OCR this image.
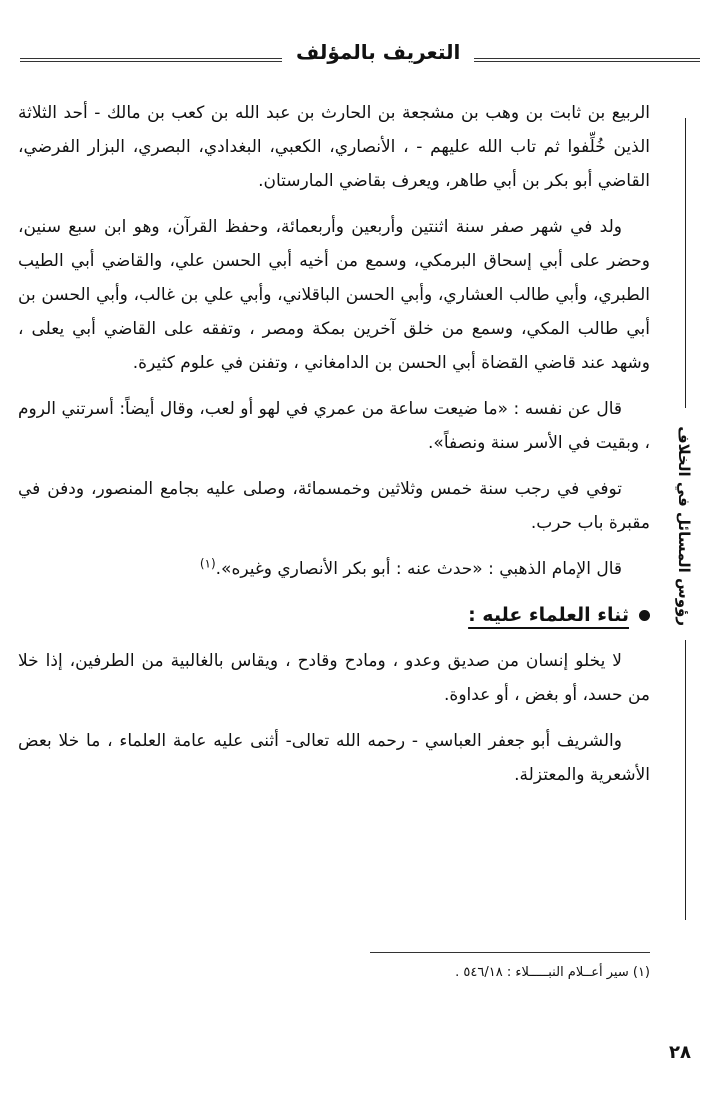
التعريف بالمؤلف
رؤوس المسائل في الخلاف

الربيع بن ثابت بن وهب بن مشجعة بن الحارث بن عبد الله بن كعب بن مالك - أحد الثلاثة الذين خُلِّفوا ثم تاب الله عليهم - ، الأنصاري، الكعبي، البغدادي، البصري، البزار الفرضي، القاضي أبو بكر بن أبي طاهر، ويعرف بقاضي المارستان.

ولد في شهر صفر سنة اثنتين وأربعين وأربعمائة، وحفظ القرآن، وهو ابن سبع سنين، وحضر على أبي إسحاق البرمكي، وسمع من أخيه أبي الحسن علي، والقاضي أبي الطيب الطبري، وأبي طالب العشاري، وأبي الحسن الباقلاني، وأبي علي بن غالب، وأبي الحسن بن أبي طالب المكي، وسمع من خلق آخرين بمكة ومصر ، وتفقه على القاضي أبي يعلى ، وشهد عند قاضي القضاة أبي الحسن بن الدامغاني ، وتفنن في علوم كثيرة.

قال عن نفسه : «ما ضيعت ساعة من عمري في لهو أو لعب، وقال أيضاً: أسرتني الروم ، وبقيت في الأسر سنة ونصفاً».

توفي في رجب سنة خمس وثلاثين وخمسمائة، وصلى عليه بجامع المنصور، ودفن في مقبرة باب حرب.

قال الإمام الذهبي : «حدث عنه : أبو بكر الأنصاري وغيره».$^{(١)}$

ثناء العلماء عليه :

لا يخلو إنسان من صديق وعدو ، ومادح وقادح ، ويقاس بالغالبية من الطرفين، إذا خلا من حسد، أو بغض ، أو عداوة.

والشريف أبو جعفر العباسي - رحمه الله تعالى- أثنى عليه عامة العلماء ، ما خلا بعض الأشعرية والمعتزلة.

(١) سير أعــلام النبـــــلاء : ٥٤٦/١٨ .
٢٨
